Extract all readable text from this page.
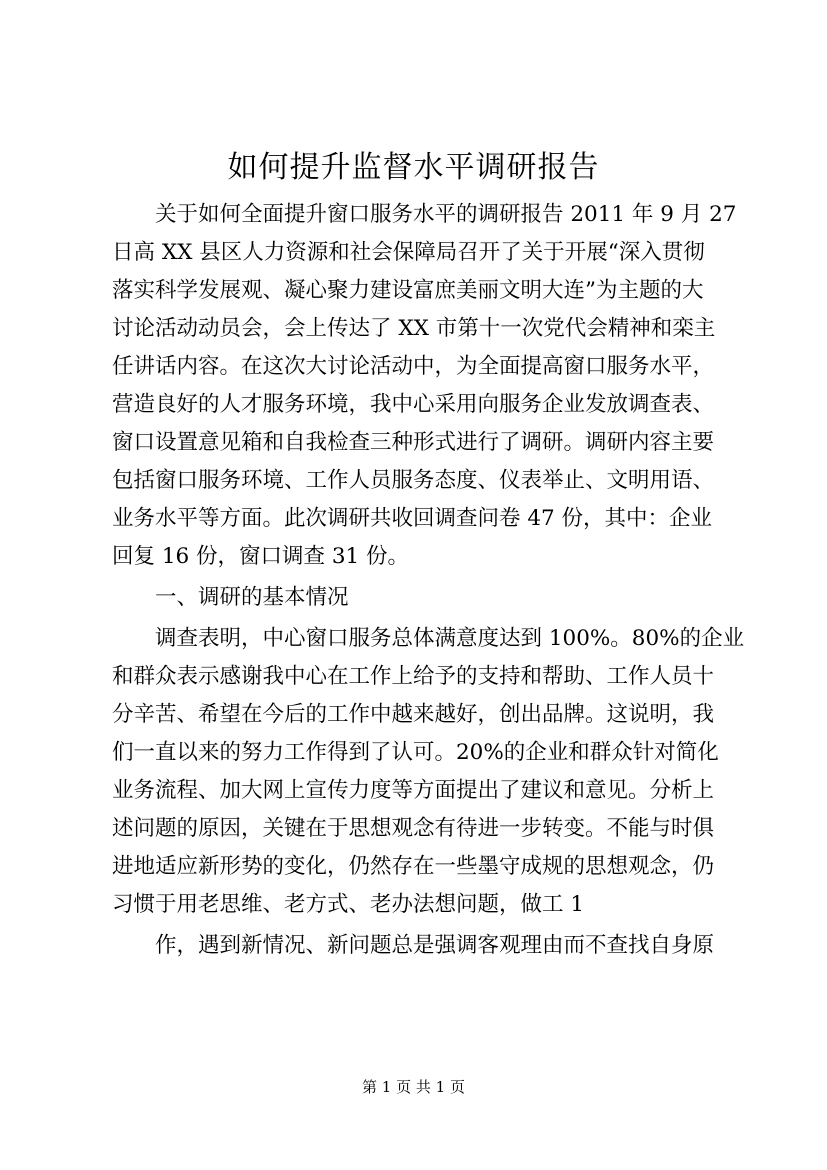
如何提升监督水平调研报告
关于如何全面提升窗口服务水平的调研报告 2011 年 9 月 27
日高 XX 县区人力资源和社会保障局召开了关于开展“深入贯彻
落实科学发展观、凝心聚力建设富庶美丽文明大连”为主题的大
讨论活动动员会，会上传达了 XX 市第十一次党代会精神和栾主
任讲话内容。在这次大讨论活动中，为全面提高窗口服务水平，
营造良好的人才服务环境，我中心采用向服务企业发放调查表、
窗口设置意见箱和自我检查三种形式进行了调研。调研内容主要
包括窗口服务环境、工作人员服务态度、仪表举止、文明用语、
业务水平等方面。此次调研共收回调查问卷 47 份，其中：企业
回复 16 份，窗口调查 31 份。
一、调研的基本情况
调查表明，中心窗口服务总体满意度达到 100%。80%的企业
和群众表示感谢我中心在工作上给予的支持和帮助、工作人员十
分辛苦、希望在今后的工作中越来越好，创出品牌。这说明，我
们一直以来的努力工作得到了认可。20%的企业和群众针对简化
业务流程、加大网上宣传力度等方面提出了建议和意见。分析上
述问题的原因，关键在于思想观念有待进一步转变。不能与时俱
进地适应新形势的变化，仍然存在一些墨守成规的思想观念，仍
习惯于用老思维、老方式、老办法想问题，做工 1
作，遇到新情况、新问题总是强调客观理由而不查找自身原
第 1 页 共 1 页
